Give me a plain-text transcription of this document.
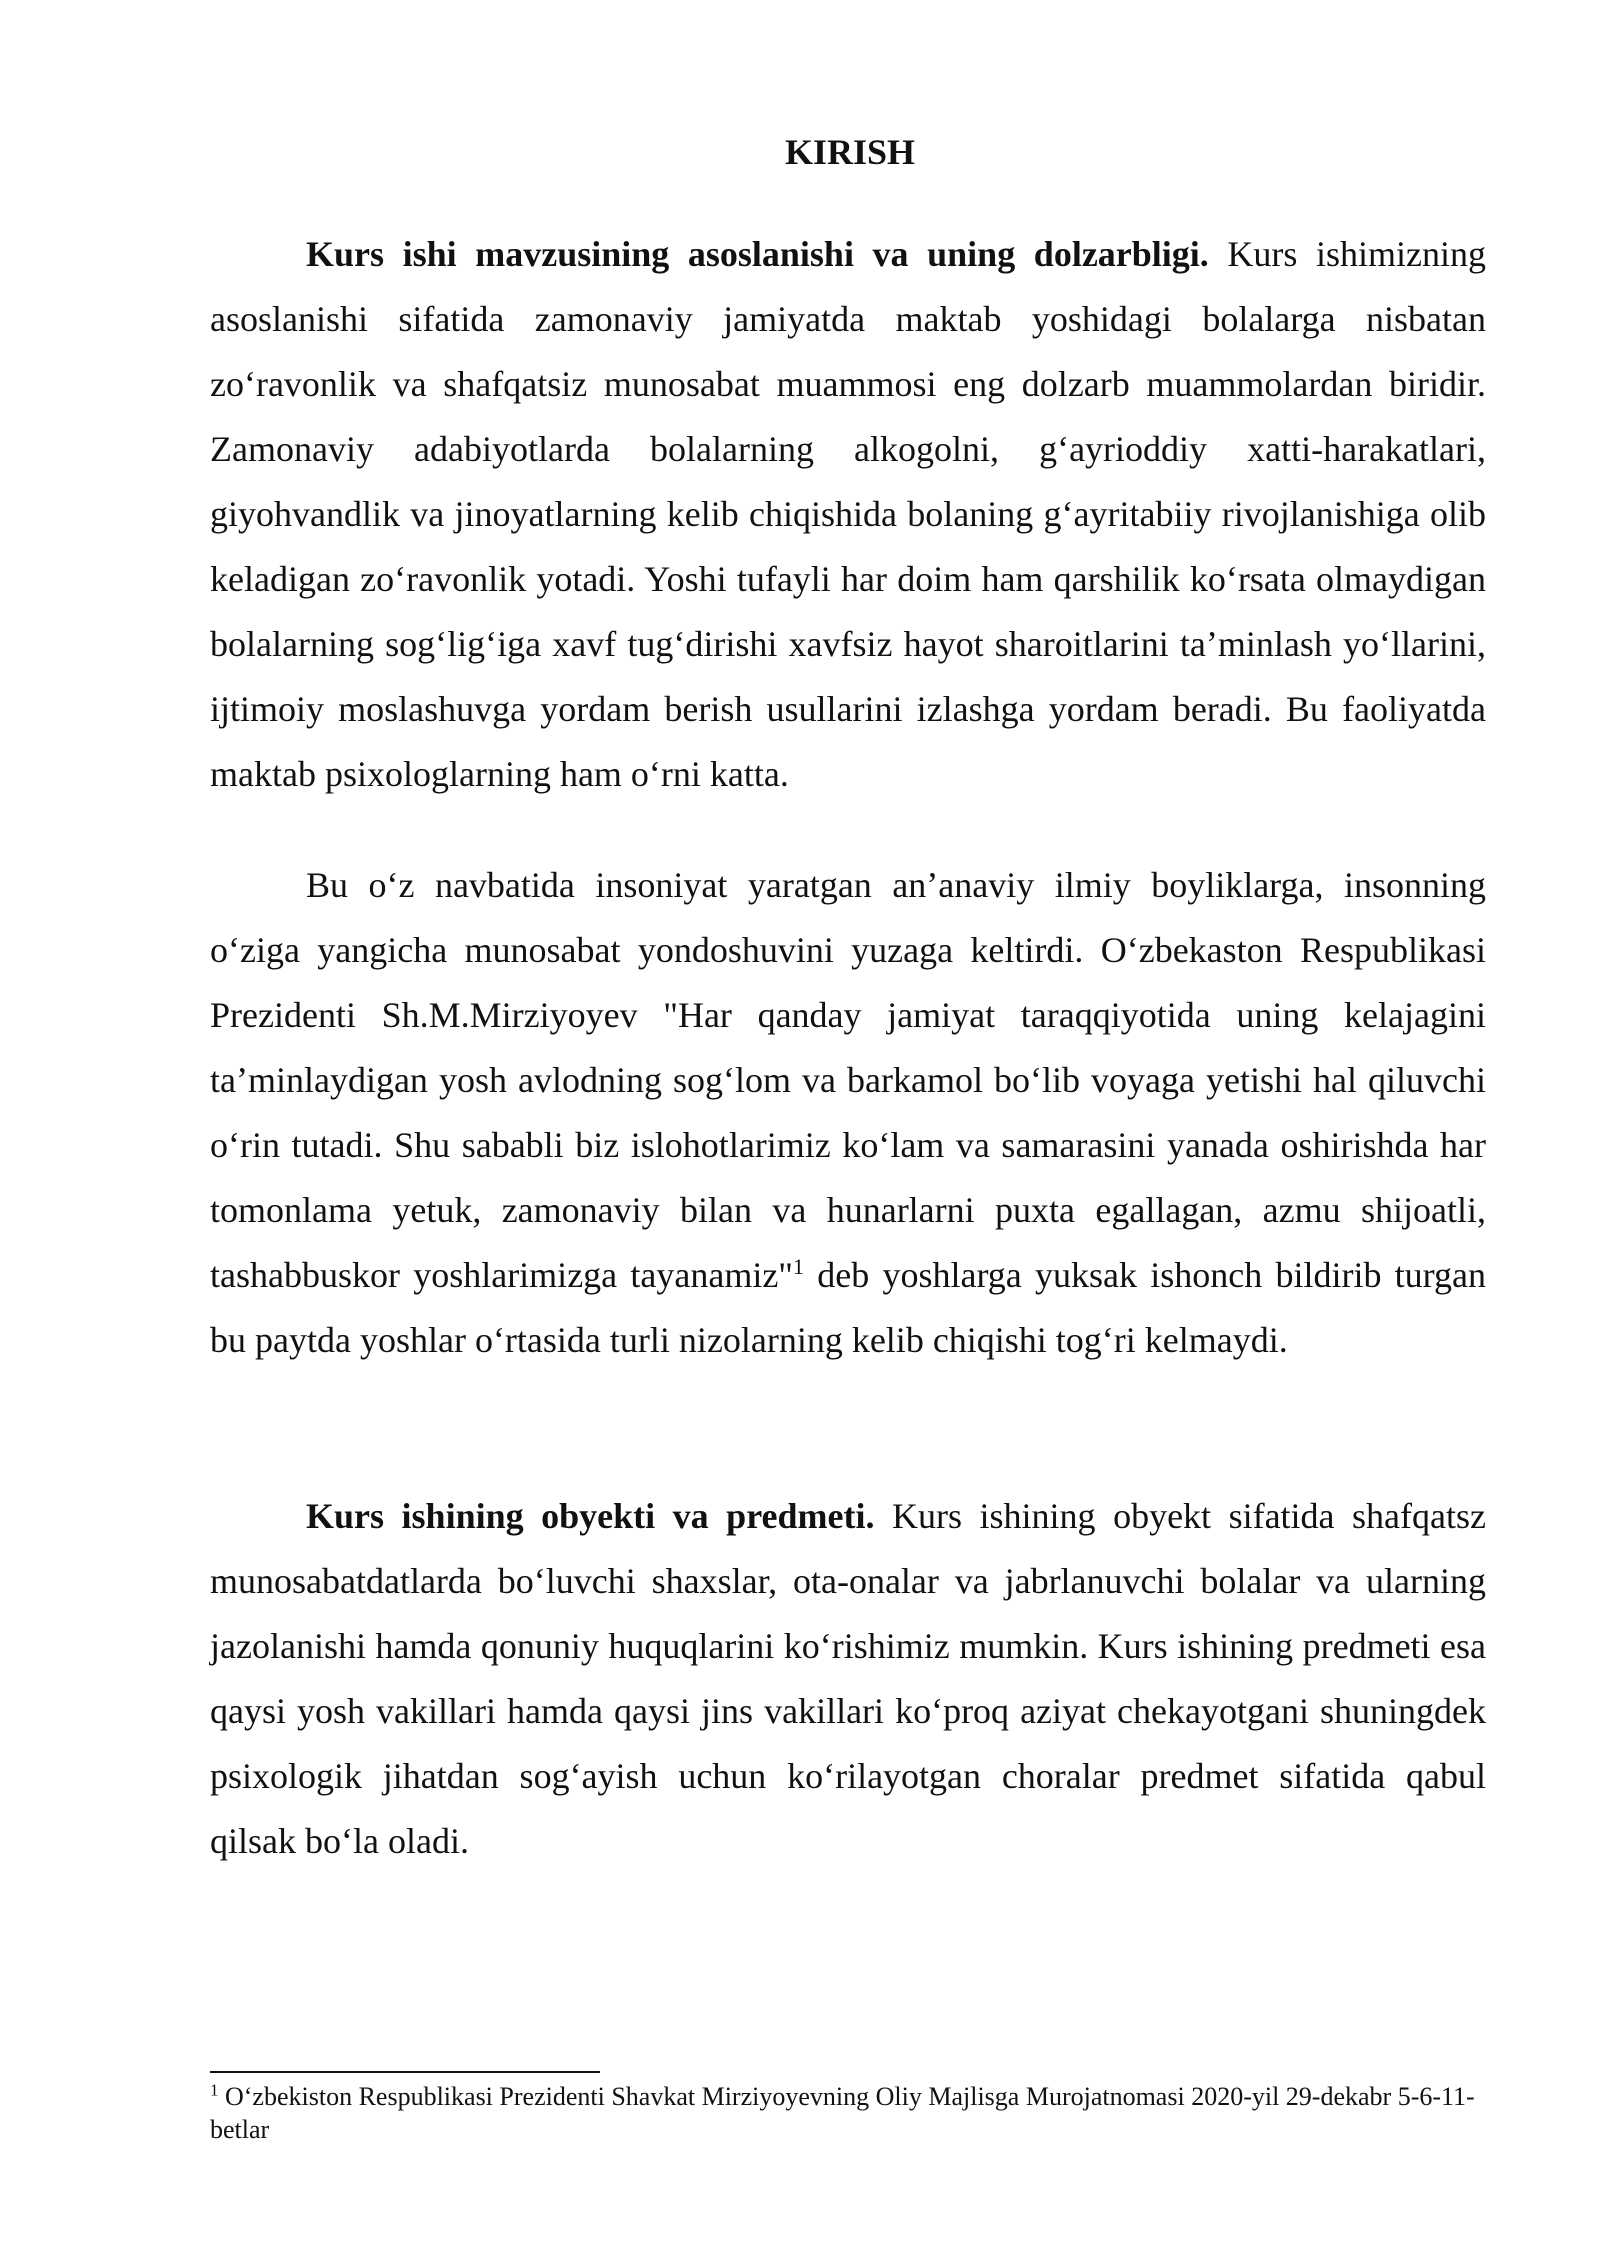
KIRISH

Kurs ishi mavzusining asoslanishi va uning dolzarbligi. Kurs ishimizning asoslanishi sifatida zamonaviy jamiyatda maktab yoshidagi bolalarga nisbatan zoʻravonlik va shafqatsiz munosabat muammosi eng dolzarb muammolardan biridir. Zamonaviy adabiyotlarda bolalarning alkogolni, gʻayrioddiy xatti-harakatlari, giyohvandlik va jinoyatlarning kelib chiqishida bolaning gʻayritabiiy rivojlanishiga olib keladigan zoʻravonlik yotadi. Yoshi tufayli har doim ham qarshilik koʻrsata olmaydigan bolalarning sogʻligʻiga xavf tugʻdirishi xavfsiz hayot sharoitlarini taʼminlash yoʻllarini, ijtimoiy moslashuvga yordam berish usullarini izlashga yordam beradi. Bu faoliyatda maktab psixologlarning ham oʻrni katta.

Bu oʻz navbatida insoniyat yaratgan anʼanaviy ilmiy boyliklarga, insonning oʻziga yangicha munosabat yondoshuvini yuzaga keltirdi. Oʻzbekaston Respublikasi Prezidenti Sh.M.Mirziyoyev "Har qanday jamiyat taraqqiyotida uning kelajagini taʼminlaydigan yosh avlodning sogʻlom va barkamol boʻlib voyaga yetishi hal qiluvchi oʻrin tutadi. Shu sababli biz islohotlarimiz koʻlam va samarasini yanada oshirishda har tomonlama yetuk, zamonaviy bilan va hunarlarni puxta egallagan, azmu shijoatli, tashabbuskor yoshlarimizga tayanamiz"$^1$ deb yoshlarga yuksak ishonch bildirib turgan bu paytda yoshlar oʻrtasida turli nizolarning kelib chiqishi togʻri kelmaydi.

Kurs ishining obyekti va predmeti. Kurs ishining obyekt sifatida shafqatsz munosabatdatlarda boʻluvchi shaxslar, ota-onalar va jabrlanuvchi bolalar va ularning jazolanishi hamda qonuniy huquqlarini koʻrishimiz mumkin. Kurs ishining predmeti esa qaysi yosh vakillari hamda qaysi jins vakillari koʻproq aziyat chekayotgani shuningdek psixologik jihatdan sogʻayish uchun koʻrilayotgan choralar predmet sifatida qabul qilsak boʻla oladi.

$^1$ Oʻzbekiston Respublikasi Prezidenti Shavkat Mirziyoyevning Oliy Majlisga Murojatnomasi 2020-yil 29-dekabr 5-6-11-betlar
